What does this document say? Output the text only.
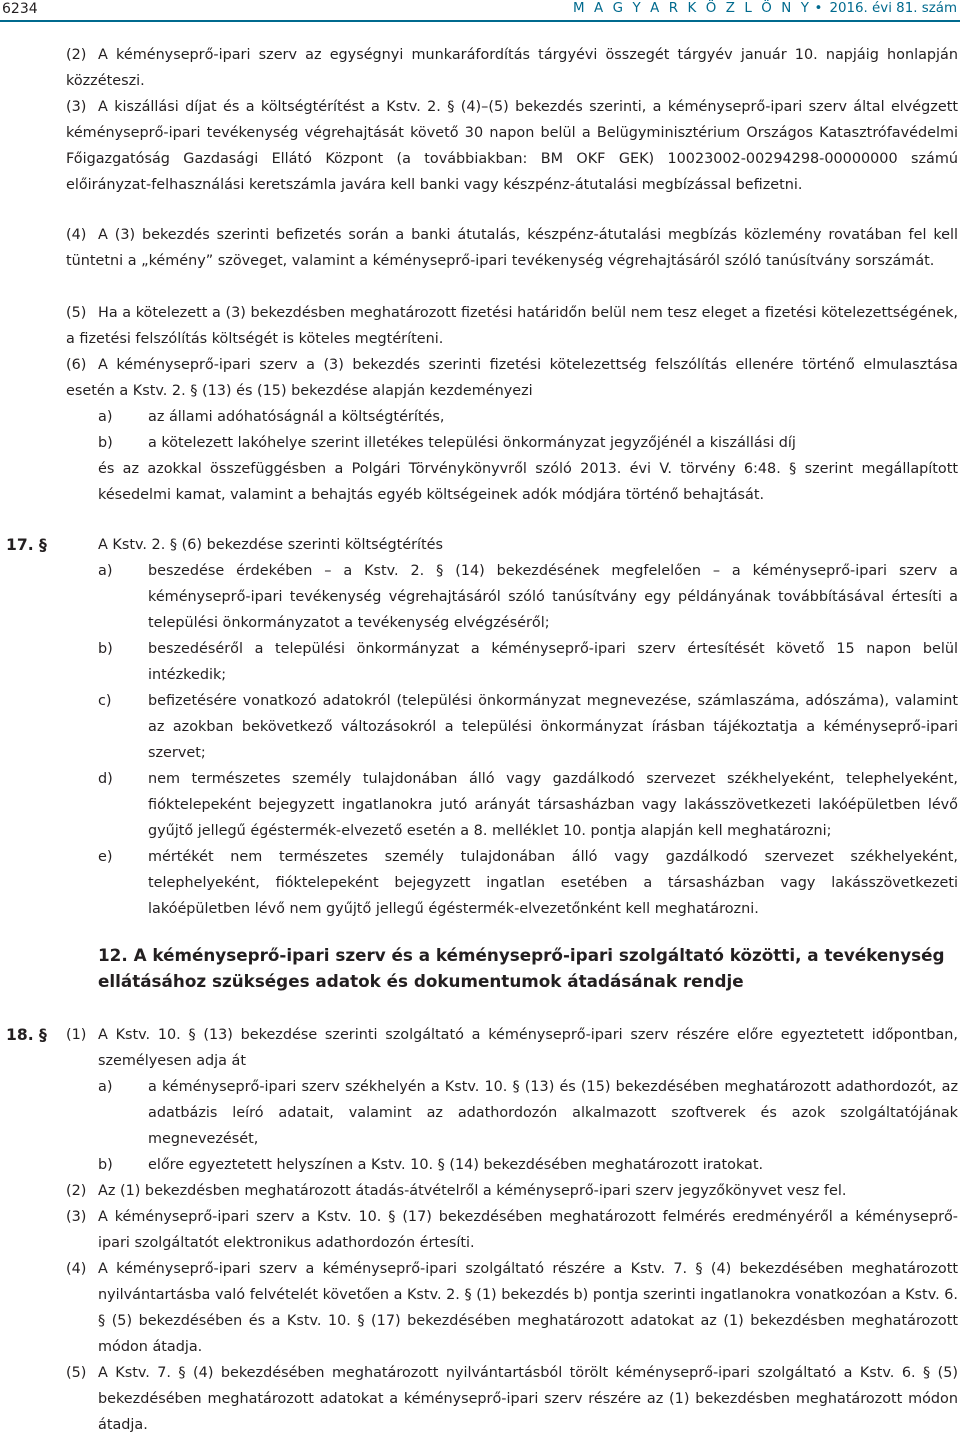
6234	M A G Y A R K Ö Z L Ö N Y • 2016. évi 81. szám
(2) A kéményseprő-ipari szerv az egységnyi munkaráfordítás tárgyévi összegét tárgyév január 10. napjáig honlapján közzéteszi.
(3) A kiszállási díjat és a költségtérítést a Kstv. 2. § (4)–(5) bekezdés szerinti, a kéményseprő-ipari szerv által elvégzett kéményseprő-ipari tevékenység végrehajtását követő 30 napon belül a Belügyminisztérium Országos Katasztrófavédelmi Főigazgatóság Gazdasági Ellátó Központ (a továbbiakban: BM OKF GEK) 10023002-00294298-00000000 számú előirányzat-felhasználási keretszámla javára kell banki vagy készpénz-átutalási megbízással befizetni.
(4) A (3) bekezdés szerinti befizetés során a banki átutalás, készpénz-átutalási megbízás közlemény rovatában fel kell tüntetni a „kémény” szöveget, valamint a kéményseprő-ipari tevékenység végrehajtásáról szóló tanúsítvány sorszámát.
(5) Ha a kötelezett a (3) bekezdésben meghatározott fizetési határidőn belül nem tesz eleget a fizetési kötelezettségének, a fizetési felszólítás költségét is köteles megtéríteni.
(6) A kéményseprő-ipari szerv a (3) bekezdés szerinti fizetési kötelezettség felszólítás ellenére történő elmulasztása esetén a Kstv. 2. § (13) és (15) bekezdése alapján kezdeményezi
a) az állami adóhatóságnál a költségtérítés,
b) a kötelezett lakóhelye szerint illetékes települési önkormányzat jegyzőjénél a kiszállási díj
és az azokkal összefüggésben a Polgári Törvénykönyvről szóló 2013. évi V. törvény 6:48. § szerint megállapított késedelmi kamat, valamint a behajtás egyéb költségeinek adók módjára történő behajtását.
17. §	A Kstv. 2. § (6) bekezdése szerinti költségtérítés
a) beszedése érdekében – a Kstv. 2. § (14) bekezdésének megfelelően – a kéményseprő-ipari szerv a kéményseprő-ipari tevékenység végrehajtásáról szóló tanúsítvány egy példányának továbbításával értesíti a települési önkormányzatot a tevékenység elvégzéséről;
b) beszedéséről a települési önkormányzat a kéményseprő-ipari szerv értesítését követő 15 napon belül intézkedik;
c)	befizetésére vonatkozó adatokról (települési önkormányzat megnevezése, számlaszáma, adószáma), valamint az azokban bekövetkező változásokról a települési önkormányzat írásban tájékoztatja a kéményseprő-ipari szervet;
d) nem természetes személy tulajdonában álló vagy gazdálkodó szervezet székhelyeként, telephelyeként, fióktelepeként bejegyzett ingatlanokra jutó arányát társasházban vagy lakásszövetkezeti lakóépületben lévő gyűjtő jellegű égéstermék-elvezető esetén a 8. melléklet 10. pontja alapján kell meghatározni;
e) mértékét nem természetes személy tulajdonában álló vagy gazdálkodó szervezet székhelyeként, telephelyeként, fióktelepeként bejegyzett ingatlan esetében a társasházban vagy lakásszövetkezeti lakóépületben lévő nem gyűjtő jellegű égéstermék-elvezetőnként kell meghatározni.
12. A kéményseprő-ipari szerv és a kéményseprő-ipari szolgáltató közötti, a tevékenység ellátásához szükséges adatok és dokumentumok átadásának rendje
18. § (1) A Kstv. 10. § (13) bekezdése szerinti szolgáltató a kéményseprő-ipari szerv részére előre egyeztetett időpontban, személyesen adja át
a) a kéményseprő-ipari szerv székhelyén a Kstv. 10. § (13) és (15) bekezdésében meghatározott adathordozót, az adatbázis leíró adatait, valamint az adathordozón alkalmazott szoftverek és azok szolgáltatójának megnevezését,
b) előre egyeztetett helyszínen a Kstv. 10. § (14) bekezdésében meghatározott iratokat.
(2) Az (1) bekezdésben meghatározott átadás-átvételről a kéményseprő-ipari szerv jegyzőkönyvet vesz fel.
(3) A kéményseprő-ipari szerv a Kstv. 10. § (17) bekezdésében meghatározott felmérés eredményéről a kéményseprő-ipari szolgáltatót elektronikus adathordozón értesíti.
(4) A kéményseprő-ipari szerv a kéményseprő-ipari szolgáltató részére a Kstv. 7. § (4) bekezdésében meghatározott nyilvántartásba való felvételét követően a Kstv. 2. § (1) bekezdés b) pontja szerinti ingatlanokra vonatkozóan a Kstv. 6. § (5) bekezdésében és a Kstv. 10. § (17) bekezdésében meghatározott adatokat az (1) bekezdésben meghatározott módon átadja.
(5) A Kstv. 7. § (4) bekezdésében meghatározott nyilvántartásból törölt kéményseprő-ipari szolgáltató a Kstv. 6. § (5) bekezdésében meghatározott adatokat a kéményseprő-ipari szerv részére az (1) bekezdésben meghatározott módon átadja.
